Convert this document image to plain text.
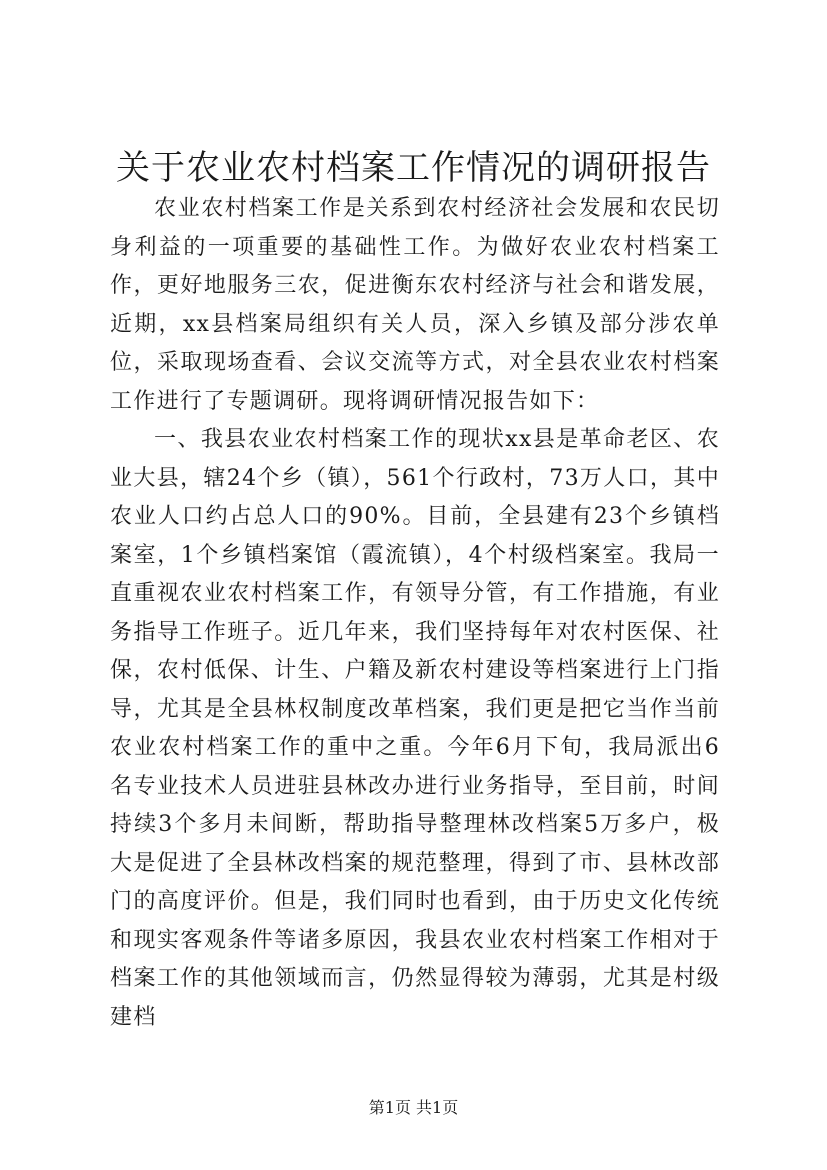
关于农业农村档案工作情况的调研报告

农业农村档案工作是关系到农村经济社会发展和农民切身利益的一项重要的基础性工作。为做好农业农村档案工作，更好地服务三农，促进衡东农村经济与社会和谐发展，近期，xx县档案局组织有关人员，深入乡镇及部分涉农单位，采取现场查看、会议交流等方式，对全县农业农村档案工作进行了专题调研。现将调研情况报告如下：

一、我县农业农村档案工作的现状xx县是革命老区、农业大县，辖24个乡（镇），561个行政村，73万人口，其中农业人口约占总人口的90%。目前，全县建有23个乡镇档案室，1个乡镇档案馆（霞流镇），4个村级档案室。我局一直重视农业农村档案工作，有领导分管，有工作措施，有业务指导工作班子。近几年来，我们坚持每年对农村医保、社保，农村低保、计生、户籍及新农村建设等档案进行上门指导，尤其是全县林权制度改革档案，我们更是把它当作当前农业农村档案工作的重中之重。今年6月下旬，我局派出6名专业技术人员进驻县林改办进行业务指导，至目前，时间持续3个多月未间断，帮助指导整理林改档案5万多户，极大是促进了全县林改档案的规范整理，得到了市、县林改部门的高度评价。但是，我们同时也看到，由于历史文化传统和现实客观条件等诸多原因，我县农业农村档案工作相对于档案工作的其他领域而言，仍然显得较为薄弱，尤其是村级建档

第1页 共1页
